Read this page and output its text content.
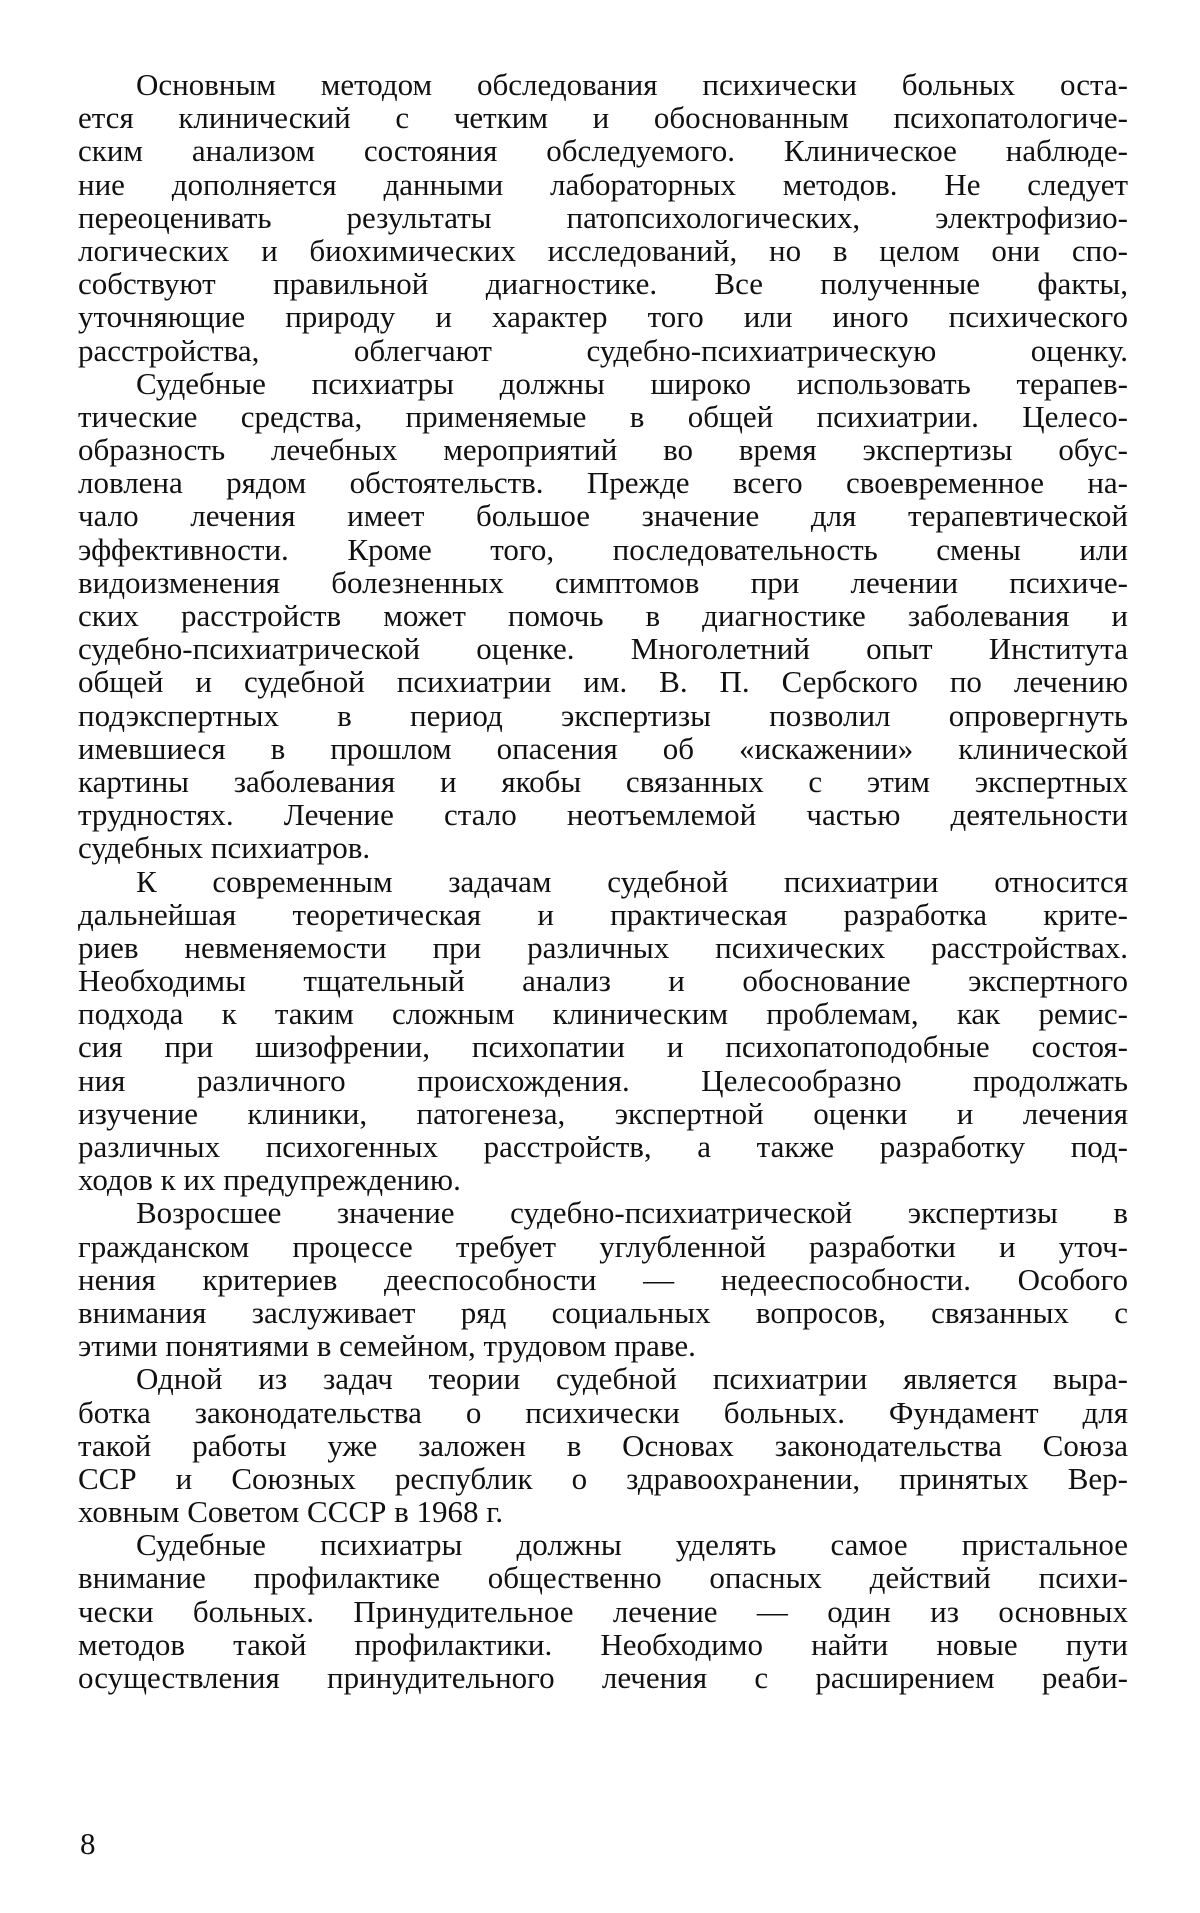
Основным методом обследования психически больных оста-
ется клинический с четким и обоснованным психопатологиче-
ским анализом состояния обследуемого. Клиническое наблюде-
ние дополняется данными лабораторных методов. Не следует
переоценивать результаты патопсихологических, электрофизио-
логических и биохимических исследований, но в целом они спо-
собствуют правильной диагностике. Все полученные факты,
уточняющие природу и характер того или иного психического
расстройства, облегчают судебно-психиатрическую оценку.
Судебные психиатры должны широко использовать терапев-
тические средства, применяемые в общей психиатрии. Целесо-
образность лечебных мероприятий во время экспертизы обус-
ловлена рядом обстоятельств. Прежде всего своевременное на-
чало лечения имеет большое значение для терапевтической
эффективности. Кроме того, последовательность смены или
видоизменения болезненных симптомов при лечении психиче-
ских расстройств может помочь в диагностике заболевания и
судебно-психиатрической оценке. Многолетний опыт Института
общей и судебной психиатрии им. В. П. Сербского по лечению
подэкспертных в период экспертизы позволил опровергнуть
имевшиеся в прошлом опасения об «искажении» клинической
картины заболевания и якобы связанных с этим экспертных
трудностях. Лечение стало неотъемлемой частью деятельности
судебных психиатров.
К современным задачам судебной психиатрии относится
дальнейшая теоретическая и практическая разработка крите-
риев невменяемости при различных психических расстройствах.
Необходимы тщательный анализ и обоснование экспертного
подхода к таким сложным клиническим проблемам, как ремис-
сия при шизофрении, психопатии и психопатоподобные состоя-
ния различного происхождения. Целесообразно продолжать
изучение клиники, патогенеза, экспертной оценки и лечения
различных психогенных расстройств, а также разработку под-
ходов к их предупреждению.
Возросшее значение судебно-психиатрической экспертизы в
гражданском процессе требует углубленной разработки и уточ-
нения критериев дееспособности — недееспособности. Особого
внимания заслуживает ряд социальных вопросов, связанных с
этими понятиями в семейном, трудовом праве.
Одной из задач теории судебной психиатрии является выра-
ботка законодательства о психически больных. Фундамент для
такой работы уже заложен в Основах законодательства Союза
ССР и Союзных республик о здравоохранении, принятых Вер-
ховным Советом СССР в 1968 г.
Судебные психиатры должны уделять самое пристальное
внимание профилактике общественно опасных действий психи-
чески больных. Принудительное лечение — один из основных
методов такой профилактики. Необходимо найти новые пути
осуществления принудительного лечения с расширением реаби-
8
